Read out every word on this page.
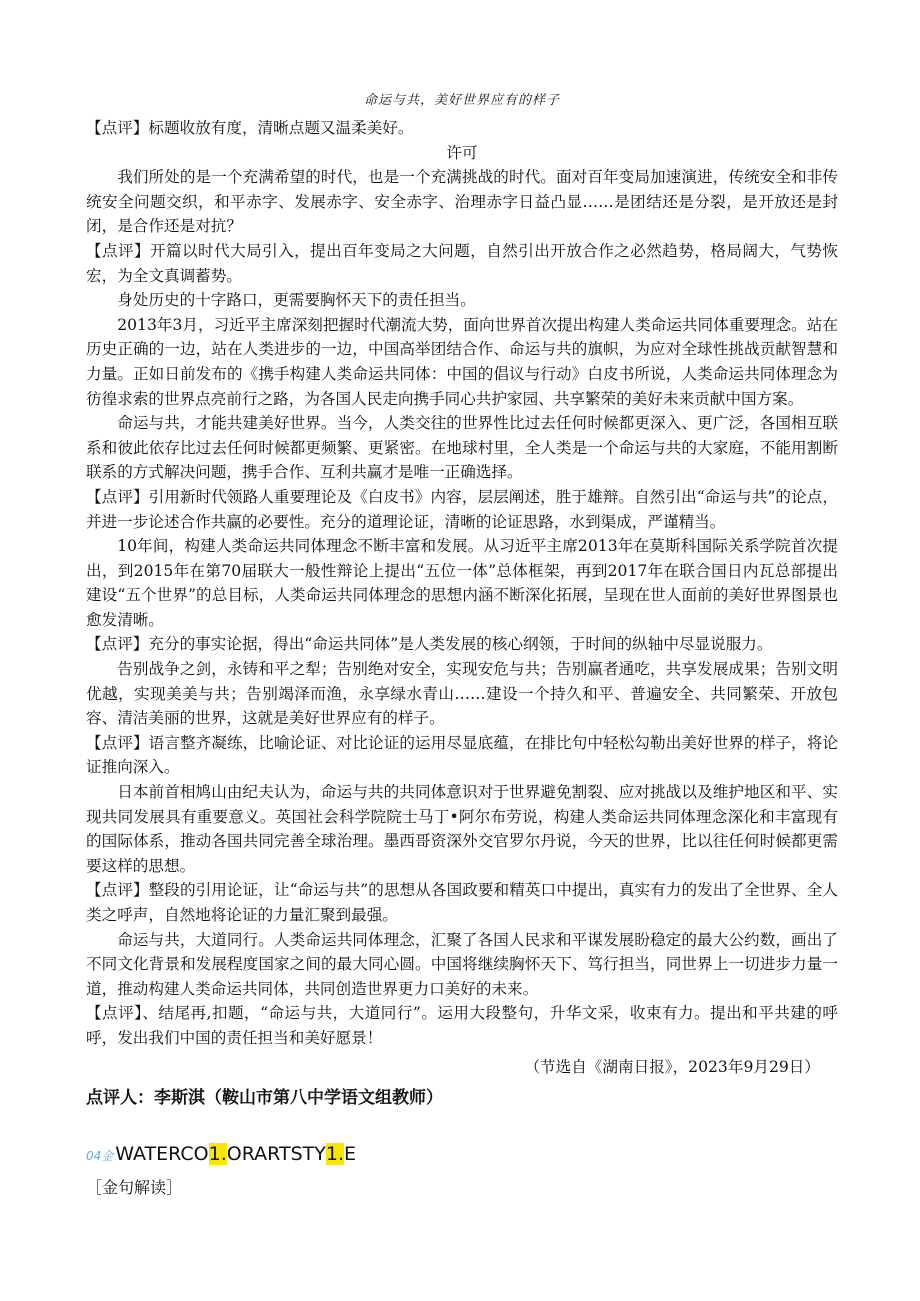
命运与共，美好世界应有的样子

【点评】标题收放有度，清晰点题又温柔美好。

许可

我们所处的是一个充满希望的时代，也是一个充满挑战的时代。面对百年变局加速演进，传统安全和非传统安全问题交织，和平赤字、发展赤字、安全赤字、治理赤字日益凸显……是团结还是分裂，是开放还是封闭，是合作还是对抗？

【点评】开篇以时代大局引入，提出百年变局之大问题，自然引出开放合作之必然趋势，格局阔大，气势恢宏，为全文真调蓄势。

身处历史的十字路口，更需要胸怀天下的责任担当。

2013年3月，习近平主席深刻把握时代潮流大势，面向世界首次提出构建人类命运共同体重要理念。站在历史正确的一边，站在人类进步的一边，中国高举团结合作、命运与共的旗帜，为应对全球性挑战贡献智慧和力量。正如日前发布的《携手构建人类命运共同体：中国的倡议与行动》白皮书所说，人类命运共同体理念为彷徨求索的世界点亮前行之路，为各国人民走向携手同心共护家园、共享繁荣的美好未来贡献中国方案。

命运与共，才能共建美好世界。当今，人类交往的世界性比过去任何时候都更深入、更广泛，各国相互联系和彼此依存比过去任何时候都更频繁、更紧密。在地球村里，全人类是一个命运与共的大家庭，不能用割断联系的方式解决问题，携手合作、互利共赢才是唯一正确选择。

【点评】引用新时代领路人重要理论及《白皮书》内容，层层阐述，胜于雄辩。自然引出“命运与共”的论点，并进一步论述合作共赢的必要性。充分的道理论证，清晰的论证思路，水到渠成，严谨精当。

10年间，构建人类命运共同体理念不断丰富和发展。从习近平主席2013年在莫斯科国际关系学院首次提出，到2015年在第70届联大一般性辩论上提出“五位一体”总体框架，再到2017年在联合国日内瓦总部提出建设“五个世界”的总目标，人类命运共同体理念的思想内涵不断深化拓展，呈现在世人面前的美好世界图景也愈发清晰。

【点评】充分的事实论据，得出“命运共同体”是人类发展的核心纲领，于时间的纵轴中尽显说服力。

告别战争之剑，永铸和平之犁；告别绝对安全，实现安危与共；告别赢者通吃，共享发展成果；告别文明优越，实现美美与共；告别竭泽而渔，永享绿水青山……建设一个持久和平、普遍安全、共同繁荣、开放包容、清洁美丽的世界，这就是美好世界应有的样子。

【点评】语言整齐凝练，比喻论证、对比论证的运用尽显底蕴，在排比句中轻松勾勒出美好世界的样子，将论证推向深入。

日本前首相鸠山由纪夫认为，命运与共的共同体意识对于世界避免割裂、应对挑战以及维护地区和平、实现共同发展具有重要意义。英国社会科学院院士马丁•阿尔布劳说，构建人类命运共同体理念深化和丰富现有的国际体系，推动各国共同完善全球治理。墨西哥资深外交官罗尔丹说，今天的世界，比以往任何时候都更需要这样的思想。

【点评】整段的引用论证，让“命运与共”的思想从各国政要和精英口中提出，真实有力的发出了全世界、全人类之呼声，自然地将论证的力量汇聚到最强。

命运与共，大道同行。人类命运共同体理念，汇聚了各国人民求和平谋发展盼稳定的最大公约数，画出了不同文化背景和发展程度国家之间的最大同心圆。中国将继续胸怀天下、笃行担当，同世界上一切进步力量一道，推动构建人类命运共同体，共同创造世界更力口美好的未来。

【点评】、结尾再,扣题，“命运与共，大道同行”。运用大段整句，升华文采，收束有力。提出和平共建的呼呼，发出我们中国的责任担当和美好愿景！

（节选自《湖南日报》，2023年9月29日）
点评人：李斯淇（鞍山市第八中学语文组教师）
04金 WATERCO1.ORARTSTY1.E
［金句解读］
